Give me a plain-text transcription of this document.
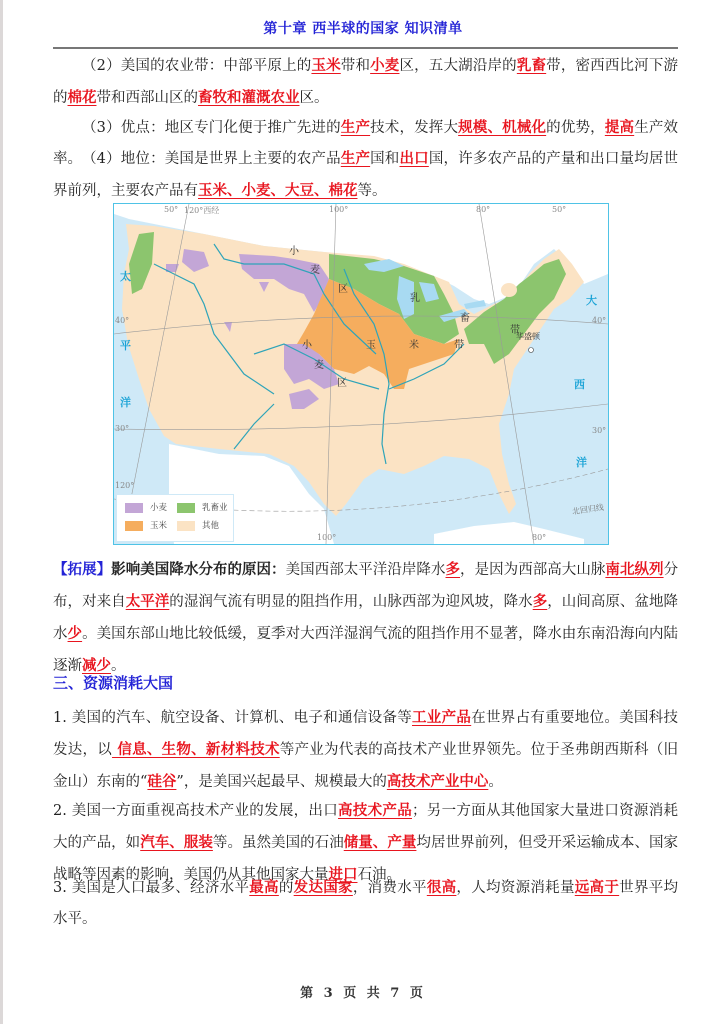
第十章 西半球的国家 知识清单
（2）美国的农业带：中部平原上的玉米带和小麦区，五大湖沿岸的乳畜带，密西西比河下游的棉花带和西部山区的畜牧和灌溉农业区。
（3）优点：地区专门化便于推广先进的生产技术，发挥大规模、机械化的优势，提高生产效率。 （4）地位：美国是世界上主要的农产品生产国和出口国，许多农产品的产量和出口量均居世界前列，主要农产品有玉米、小麦、大豆、棉花等。
120°西经
50°	100°	80°	50°
40°	40°
30°	30°
120°
100°	80°
北回归线
华盛顿
太
平
洋
大
西
洋
小
麦
区
小
麦
区
玉	米	带
乳
畜
带
小麦	乳畜业
玉米	其他
【拓展】影响美国降水分布的原因：美国西部太平洋沿岸降水多，是因为西部高大山脉南北纵列分布，对来自太平洋的湿润气流有明显的阻挡作用，山脉西部为迎风坡，降水多，山间高原、盆地降水少。美国东部山地比较低缓，夏季对大西洋湿润气流的阻挡作用不显著，降水由东南沿海向内陆逐渐减少。
三、资源消耗大国
1. 美国的汽车、航空设备、计算机、电子和通信设备等工业产品在世界占有重要地位。美国科技发达，以 信息、生物、新材料技术等产业为代表的高技术产业世界领先。位于圣弗朗西斯科（旧金山）东南的“硅谷”，是美国兴起最早、规模最大的高技术产业中心。
2. 美国一方面重视高技术产业的发展，出口高技术产品；另一方面从其他国家大量进口资源消耗大的产品，如汽车、服装等。虽然美国的石油储量、产量均居世界前列，但受开采运输成本、国家战略等因素的影响，美国仍从其他国家大量进口石油。
3. 美国是人口最多、经济水平最高的发达国家，消费水平很高，人均资源消耗量远高于世界平均水平。
第 3 页 共 7 页
